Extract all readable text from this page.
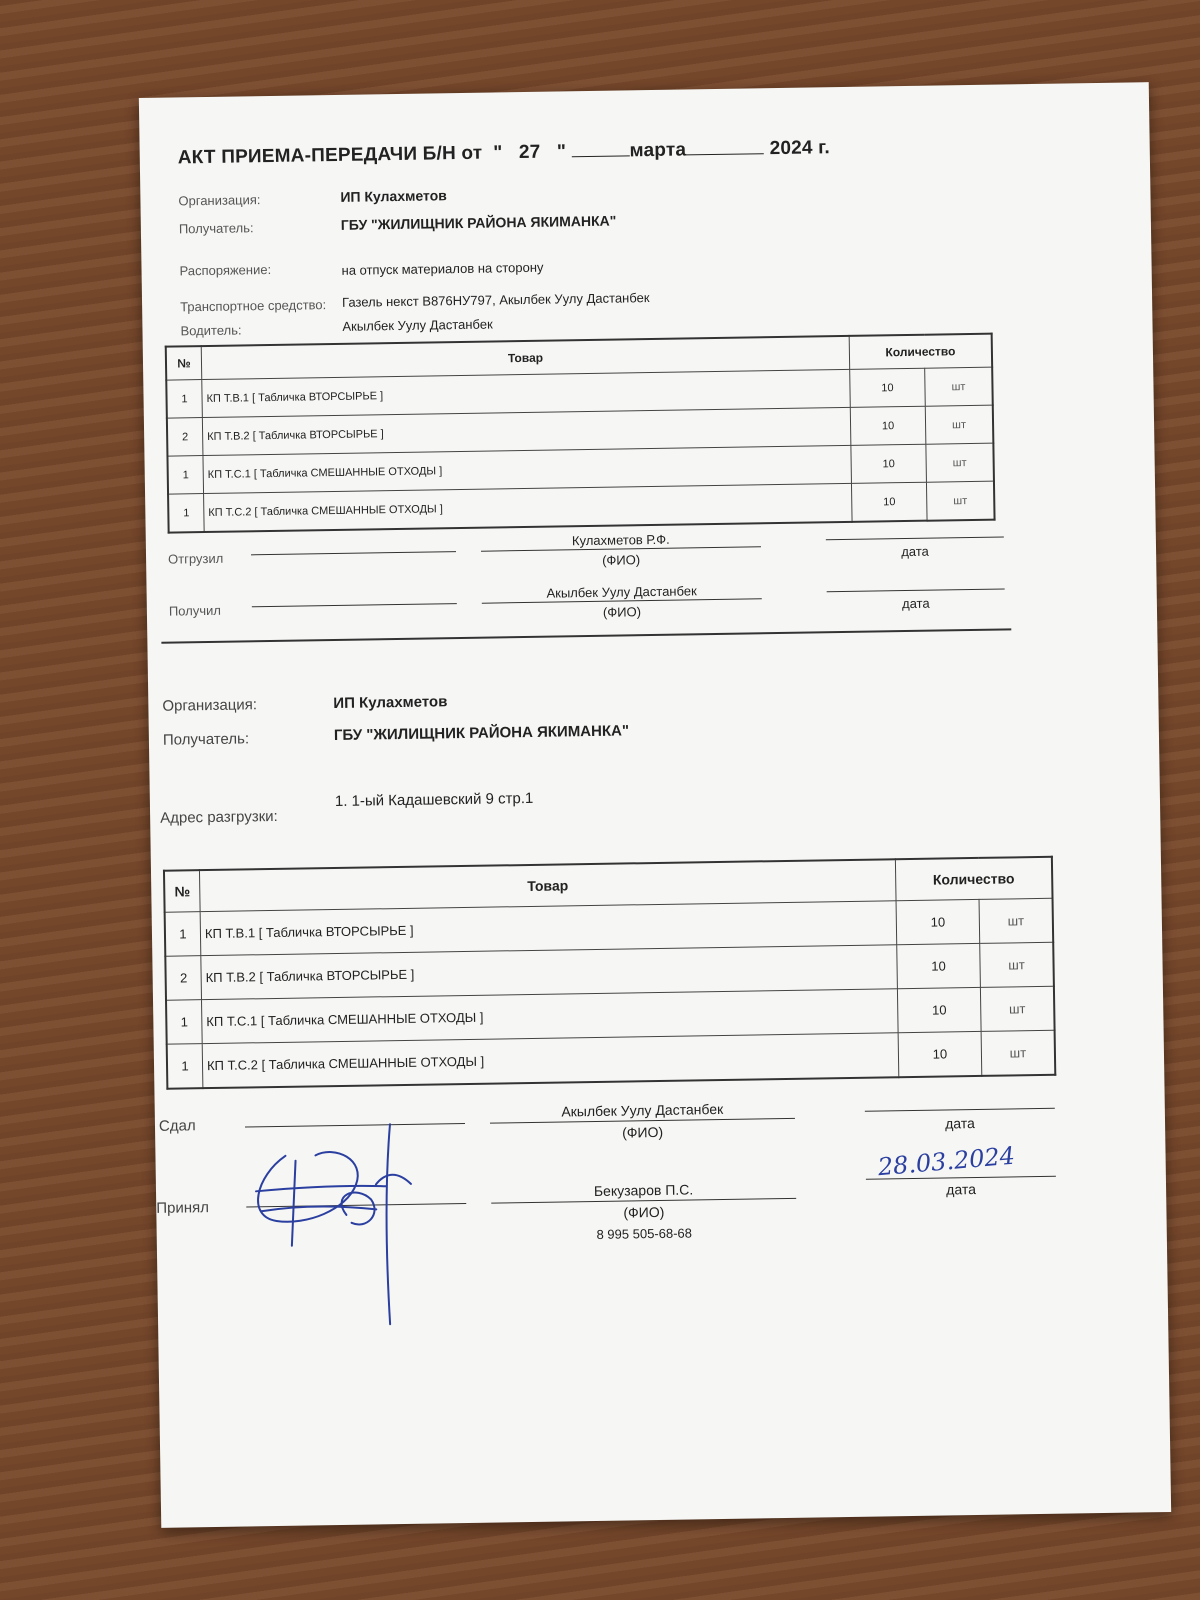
АКТ ПРИЕМА-ПЕРЕДАЧИ Б/Н от  "   27   "	марта	2024 г.
Организация:	ИП Кулахметов
Получатель:	ГБУ "ЖИЛИЩНИК РАЙОНА ЯКИМАНКА"
Распоряжение:	на отпуск материалов на сторону
Транспортное средство: Газель некст В876НУ797, Акылбек Уулу Дастанбек
Водитель:	Акылбек Уулу Дастанбек
№	Товар	Количество	
1	КП Т.В.1 [ Табличка ВТОРСЫРЬЕ ]	10	шт
2	КП Т.В.2 [ Табличка ВТОРСЫРЬЕ ]	10	шт
1	КП Т.С.1 [ Табличка СМЕШАННЫЕ ОТХОДЫ ]	10	шт
1	КП Т.С.2 [ Табличка СМЕШАННЫЕ ОТХОДЫ ]	10	шт
Отгрузил
Кулахметов Р.Ф.
(ФИО)
дата
Получил
Акылбек Уулу Дастанбек
(ФИО)
дата
Организация:	ИП Кулахметов
Получатель:	ГБУ "ЖИЛИЩНИК РАЙОНА ЯКИМАНКА"
Адрес разгрузки:
1. 1-ый Кадашевский 9 стр.1
№	Товар	Количество	
1	КП Т.В.1 [ Табличка ВТОРСЫРЬЕ ]	10	шт
2	КП Т.В.2 [ Табличка ВТОРСЫРЬЕ ]	10	шт
1	КП Т.С.1 [ Табличка СМЕШАННЫЕ ОТХОДЫ ]	10	шт
1	КП Т.С.2 [ Табличка СМЕШАННЫЕ ОТХОДЫ ]	10	шт
Сдал
Акылбек Уулу Дастанбек
(ФИО)
дата
Принял
Бекузаров П.С.
(ФИО)
8 995 505-68-68
28.03.2024
дата
